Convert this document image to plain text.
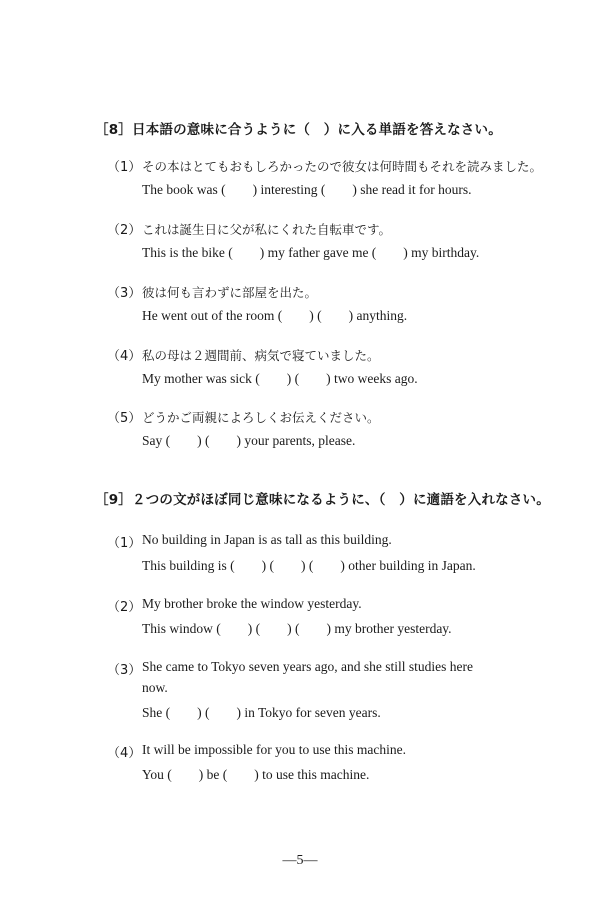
［8］日本語の意味に合うように（　）に入る単語を答えなさい。
（1） その本はとてもおもしろかったので彼女は何時間もそれを読みました。
The book was (　　) interesting (　　) she read it for hours.
（2） これは誕生日に父が私にくれた自転車です。
This is the bike (　　) my father gave me (　　) my birthday.
（3） 彼は何も言わずに部屋を出た。
He went out of the room (　　) (　　) anything.
（4） 私の母は２週間前、病気で寝ていました。
My mother was sick (　　) (　　) two weeks ago.
（5） どうかご両親によろしくお伝えください。
Say (　　) (　　) your parents, please.
［9］２つの文がほぼ同じ意味になるように、（　）に適語を入れなさい。
（1） No building in Japan is as tall as this building.
This building is (　　) (　　) (　　) other building in Japan.
（2） My brother broke the window yesterday.
This window (　　) (　　) (　　) my brother yesterday.
（3） She came to Tokyo seven years ago, and she still studies here
now.
She (　　) (　　) in Tokyo for seven years.
（4） It will be impossible for you to use this machine.
You (　　) be (　　) to use this machine.
―5―
